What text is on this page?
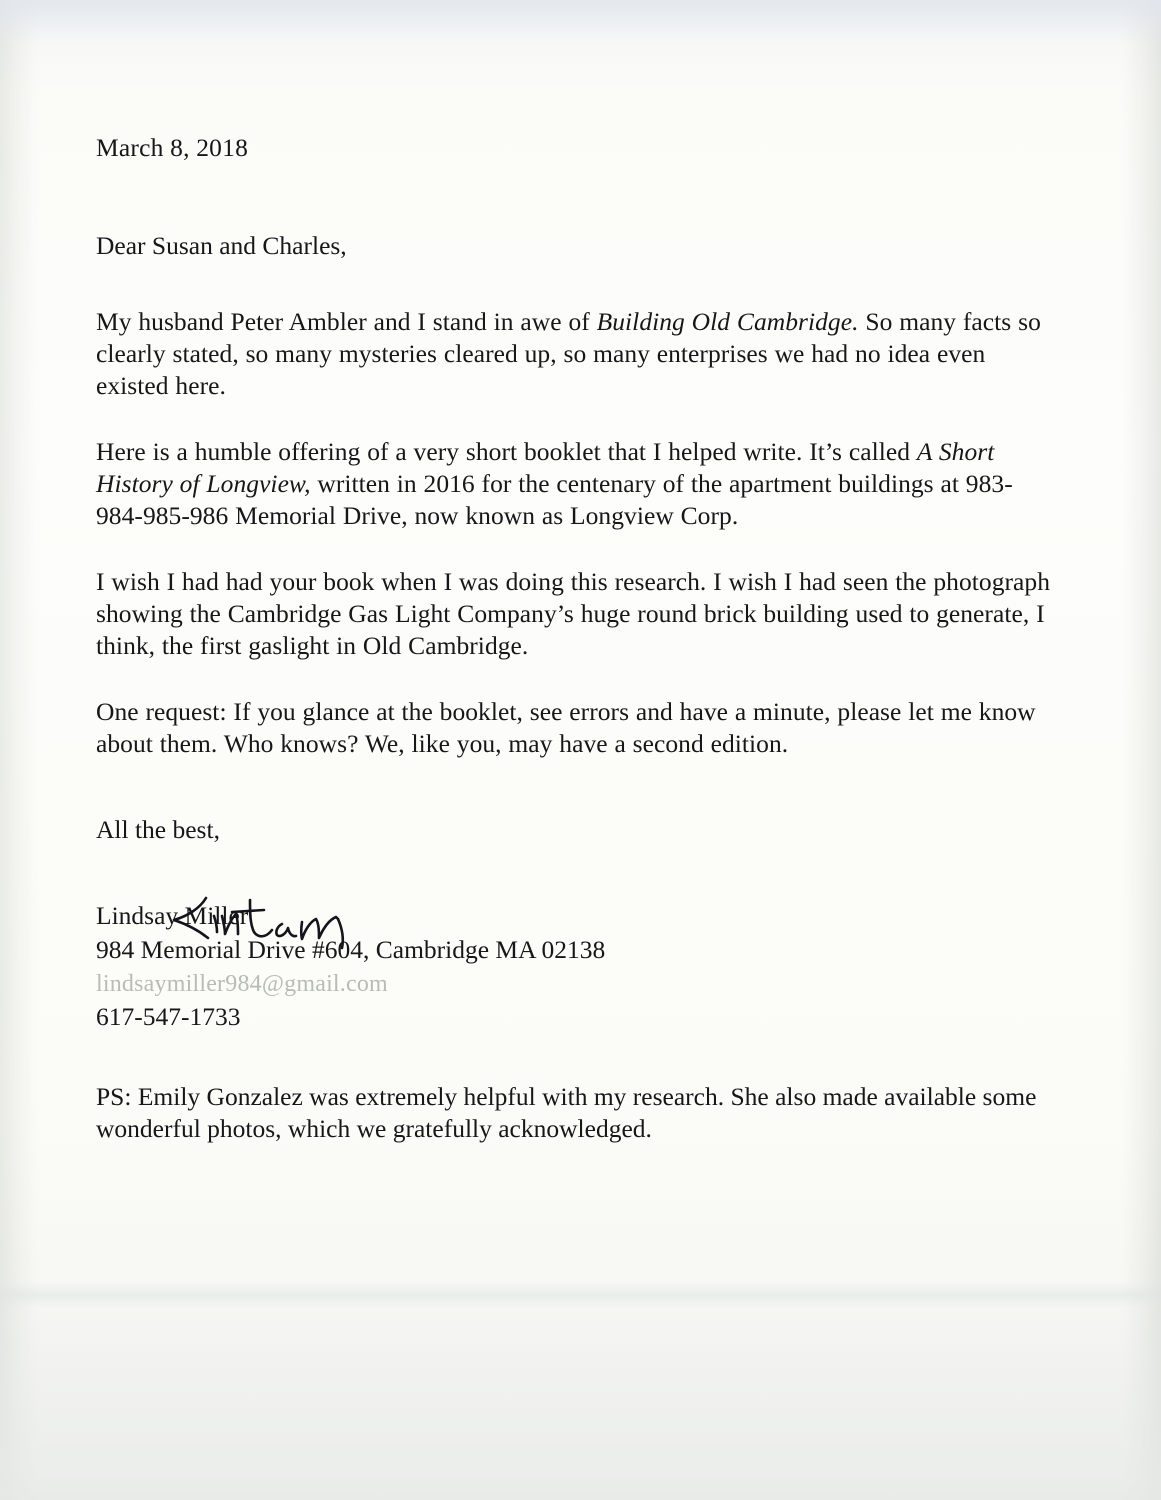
March 8, 2018

Dear Susan and Charles,

My husband Peter Ambler and I stand in awe of Building Old Cambridge. So many facts so clearly stated, so many mysteries cleared up, so many enterprises we had no idea even existed here.

Here is a humble offering of a very short booklet that I helped write. It’s called A Short History of Longview, written in 2016 for the centenary of the apartment buildings at 983-984-985-986 Memorial Drive, now known as Longview Corp.

I wish I had had your book when I was doing this research. I wish I had seen the photograph showing the Cambridge Gas Light Company’s huge round brick building used to generate, I think, the first gaslight in Old Cambridge.

One request: If you glance at the booklet, see errors and have a minute, please let me know about them. Who knows? We, like you, may have a second edition.

All the best,

Lindsay Miller

984 Memorial Drive #604, Cambridge MA 02138

lindsaymiller984@gmail.com

617-547-1733

PS: Emily Gonzalez was extremely helpful with my research. She also made available some wonderful photos, which we gratefully acknowledged.
